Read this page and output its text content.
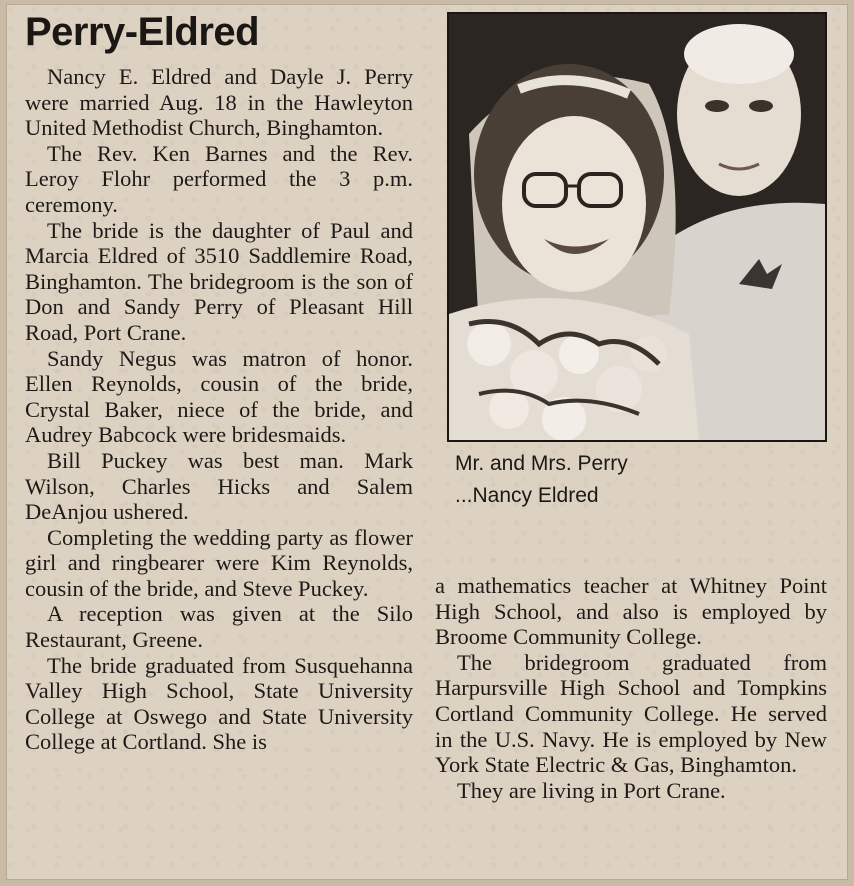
Perry-Eldred

Nancy E. Eldred and Dayle J. Perry were married Aug. 18 in the Hawleyton United Methodist Church, Binghamton.

The Rev. Ken Barnes and the Rev. Leroy Flohr performed the 3 p.m. ceremony.

The bride is the daughter of Paul and Marcia Eldred of 3510 Saddlemire Road, Binghamton. The bridegroom is the son of Don and Sandy Perry of Pleasant Hill Road, Port Crane.

Sandy Negus was matron of honor. Ellen Reynolds, cousin of the bride, Crystal Baker, niece of the bride, and Audrey Babcock were bridesmaids.

Bill Puckey was best man. Mark Wilson, Charles Hicks and Salem DeAnjou ushered.

Completing the wedding party as flower girl and ringbearer were Kim Reynolds, cousin of the bride, and Steve Puckey.

A reception was given at the Silo Restaurant, Greene.

The bride graduated from Susquehanna Valley High School, State University College at Oswego and State University College at Cortland. She is

Mr. and Mrs. Perry

...Nancy Eldred

a mathematics teacher at Whitney Point High School, and also is employed by Broome Community College.

The bridegroom graduated from Harpursville High School and Tompkins Cortland Community College. He served in the U.S. Navy. He is employed by New York State Electric & Gas, Binghamton.

They are living in Port Crane.
